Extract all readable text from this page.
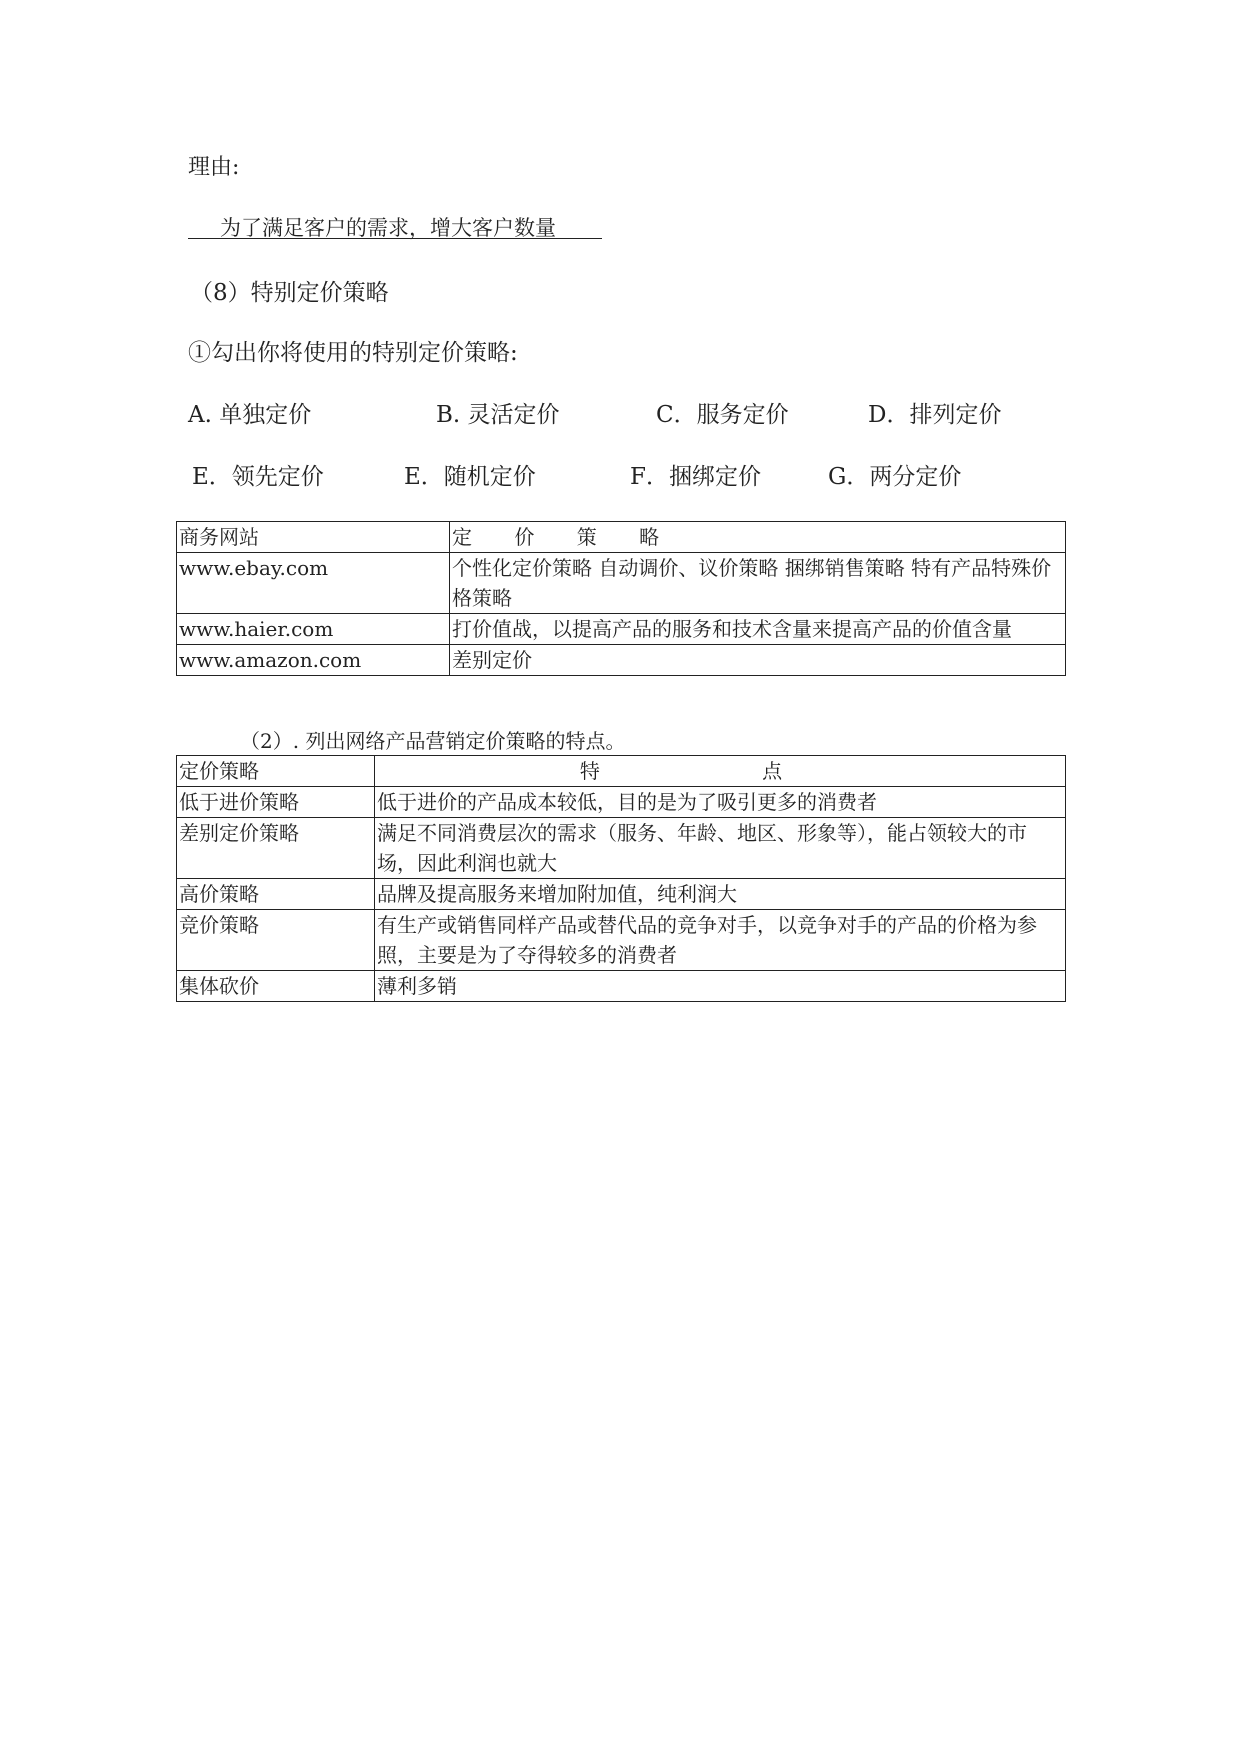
理由:
为了满足客户的需求，增大客户数量
（8）特别定价策略
①勾出你将使用的特别定价策略:
A. 单独定价	B. 灵活定价	C．服务定价	D．排列定价
E．领先定价	E．随机定价	F．捆绑定价	G．两分定价
商务网站	定 价 策 略
www.ebay.com	个性化定价策略 自动调价、议价策略 捆绑销售策略 特有产品特殊价格策略
www.haier.com	打价值战，以提高产品的服务和技术含量来提高产品的价值含量
www.amazon.com	差别定价
（2）. 列出网络产品营销定价策略的特点。
定价策略	特 点
低于进价策略	低于进价的产品成本较低，目的是为了吸引更多的消费者
差别定价策略	满足不同消费层次的需求（服务、年龄、地区、形象等），能占领较大的市场，因此利润也就大
高价策略	品牌及提高服务来增加附加值，纯利润大
竞价策略	有生产或销售同样产品或替代品的竞争对手，以竞争对手的产品的价格为参照，主要是为了夺得较多的消费者
集体砍价	薄利多销
